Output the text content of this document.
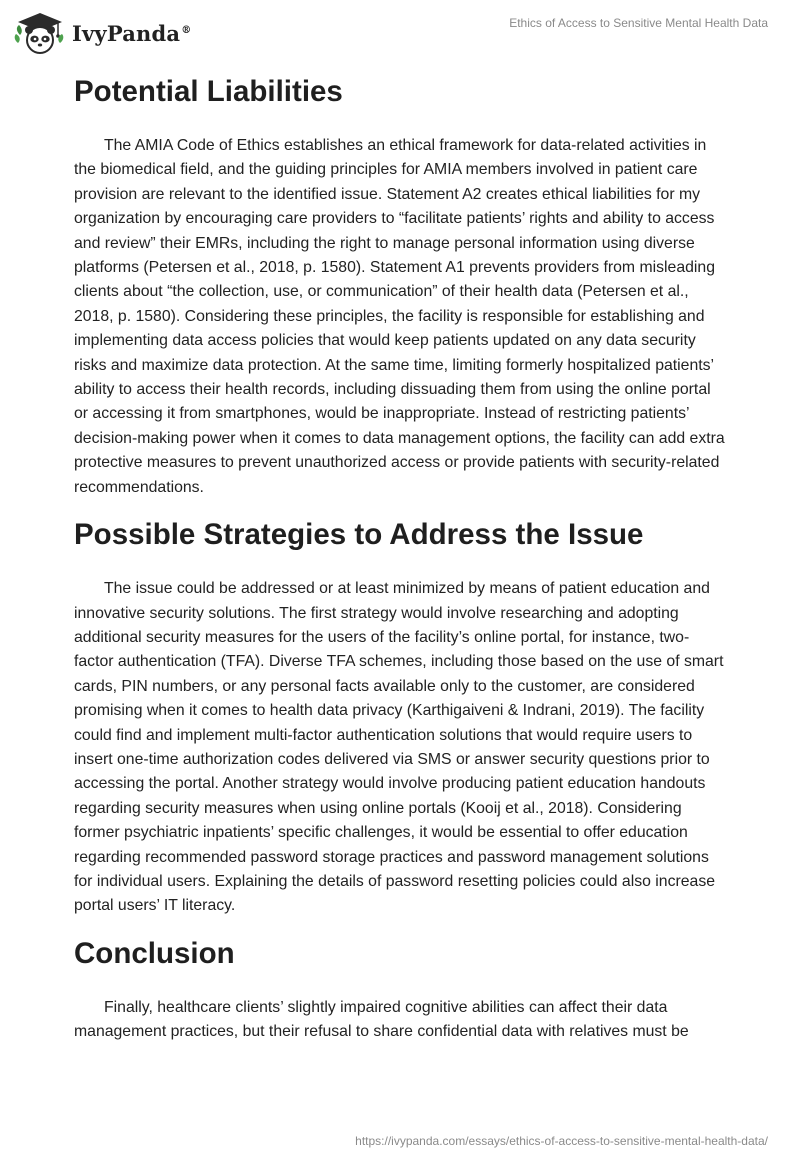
IvyPanda®	Ethics of Access to Sensitive Mental Health Data
Potential Liabilities

The AMIA Code of Ethics establishes an ethical framework for data-related activities in the biomedical field, and the guiding principles for AMIA members involved in patient care provision are relevant to the identified issue. Statement A2 creates ethical liabilities for my organization by encouraging care providers to “facilitate patients’ rights and ability to access and review” their EMRs, including the right to manage personal information using diverse platforms (Petersen et al., 2018, p. 1580). Statement A1 prevents providers from misleading clients about “the collection, use, or communication” of their health data (Petersen et al., 2018, p. 1580). Considering these principles, the facility is responsible for establishing and implementing data access policies that would keep patients updated on any data security risks and maximize data protection. At the same time, limiting formerly hospitalized patients’ ability to access their health records, including dissuading them from using the online portal or accessing it from smartphones, would be inappropriate. Instead of restricting patients’ decision-making power when it comes to data management options, the facility can add extra protective measures to prevent unauthorized access or provide patients with security-related recommendations.

Possible Strategies to Address the Issue

The issue could be addressed or at least minimized by means of patient education and innovative security solutions. The first strategy would involve researching and adopting additional security measures for the users of the facility’s online portal, for instance, two-factor authentication (TFA). Diverse TFA schemes, including those based on the use of smart cards, PIN numbers, or any personal facts available only to the customer, are considered promising when it comes to health data privacy (Karthigaiveni & Indrani, 2019). The facility could find and implement multi-factor authentication solutions that would require users to insert one-time authorization codes delivered via SMS or answer security questions prior to accessing the portal. Another strategy would involve producing patient education handouts regarding security measures when using online portals (Kooij et al., 2018). Considering former psychiatric inpatients’ specific challenges, it would be essential to offer education regarding recommended password storage practices and password management solutions for individual users. Explaining the details of password resetting policies could also increase portal users’ IT literacy.

Conclusion

Finally, healthcare clients’ slightly impaired cognitive abilities can affect their data management practices, but their refusal to share confidential data with relatives must be

https://ivypanda.com/essays/ethics-of-access-to-sensitive-mental-health-data/
